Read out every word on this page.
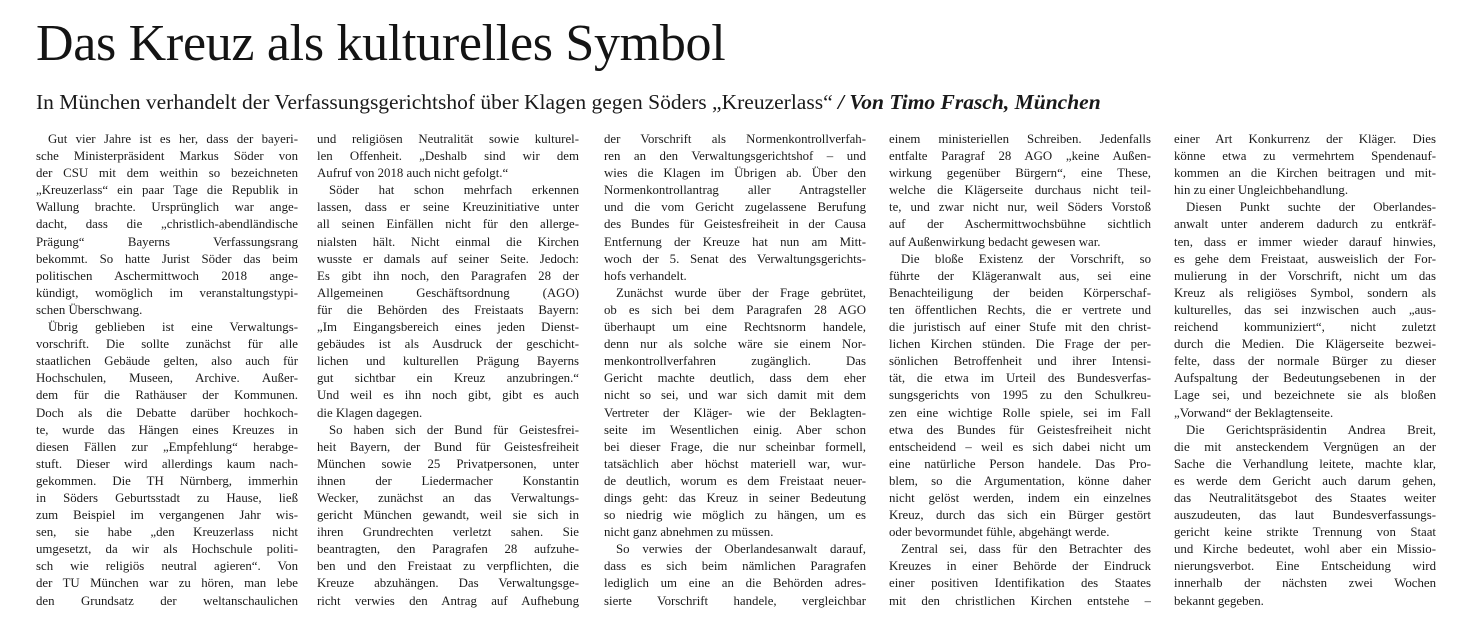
Das Kreuz als kulturelles Symbol

In München verhandelt der Verfassungsgerichtshof über Klagen gegen Söders „Kreuzerlass“ / Von Timo Frasch, München

Gut vier Jahre ist es her, dass der bayeri-
sche Ministerpräsident Markus Söder von
der CSU mit dem weithin so bezeichneten
„Kreuzerlass“ ein paar Tage die Republik in
Wallung brachte. Ursprünglich war ange-
dacht, dass die „christlich-abendländische
Prägung“ Bayerns Verfassungsrang
bekommt. So hatte Jurist Söder das beim
politischen Aschermittwoch 2018 ange-
kündigt, womöglich im veranstaltungstypi-
schen Überschwang.
Übrig geblieben ist eine Verwaltungs-
vorschrift. Die sollte zunächst für alle
staatlichen Gebäude gelten, also auch für
Hochschulen, Museen, Archive. Außer-
dem für die Rathäuser der Kommunen.
Doch als die Debatte darüber hochkoch-
te, wurde das Hängen eines Kreuzes in
diesen Fällen zur „Empfehlung“ herabge-
stuft. Dieser wird allerdings kaum nach-
gekommen. Die TH Nürnberg, immerhin
in Söders Geburtsstadt zu Hause, ließ
zum Beispiel im vergangenen Jahr wis-
sen, sie habe „den Kreuzerlass nicht
umgesetzt, da wir als Hochschule politi-
sch wie religiös neutral agieren“. Von
der TU München war zu hören, man lebe
den Grundsatz der weltanschaulichen
und religiösen Neutralität sowie kulturel-
len Offenheit. „Deshalb sind wir dem
Aufruf von 2018 auch nicht gefolgt.“
Söder hat schon mehrfach erkennen
lassen, dass er seine Kreuzinitiative unter
all seinen Einfällen nicht für den allerge-
nialsten hält. Nicht einmal die Kirchen
wusste er damals auf seiner Seite. Jedoch:
Es gibt ihn noch, den Paragrafen 28 der
Allgemeinen Geschäftsordnung (AGO)
für die Behörden des Freistaats Bayern:
„Im Eingangsbereich eines jeden Dienst-
gebäudes ist als Ausdruck der geschicht-
lichen und kulturellen Prägung Bayerns
gut sichtbar ein Kreuz anzubringen.“
Und weil es ihn noch gibt, gibt es auch
die Klagen dagegen.
So haben sich der Bund für Geistesfrei-
heit Bayern, der Bund für Geistesfreiheit
München sowie 25 Privatpersonen, unter
ihnen der Liedermacher Konstantin
Wecker, zunächst an das Verwaltungs-
gericht München gewandt, weil sie sich in
ihren Grundrechten verletzt sahen. Sie
beantragten, den Paragrafen 28 aufzuhe-
ben und den Freistaat zu verpflichten, die
Kreuze abzuhängen. Das Verwaltungsge-
richt verwies den Antrag auf Aufhebung
der Vorschrift als Normenkontrollverfah-
ren an den Verwaltungsgerichtshof – und
wies die Klagen im Übrigen ab. Über den
Normenkontrollantrag aller Antragsteller
und die vom Gericht zugelassene Berufung
des Bundes für Geistesfreiheit in der Causa
Entfernung der Kreuze hat nun am Mitt-
woch der 5. Senat des Verwaltungsgerichts-
hofs verhandelt.
Zunächst wurde über der Frage gebrütet,
ob es sich bei dem Paragrafen 28 AGO
überhaupt um eine Rechtsnorm handele,
denn nur als solche wäre sie einem Nor-
menkontrollverfahren zugänglich. Das
Gericht machte deutlich, dass dem eher
nicht so sei, und war sich damit mit dem
Vertreter der Kläger- wie der Beklagten-
seite im Wesentlichen einig. Aber schon
bei dieser Frage, die nur scheinbar formell,
tatsächlich aber höchst materiell war, wur-
de deutlich, worum es dem Freistaat neuer-
dings geht: das Kreuz in seiner Bedeutung
so niedrig wie möglich zu hängen, um es
nicht ganz abnehmen zu müssen.
So verwies der Oberlandesanwalt darauf,
dass es sich beim nämlichen Paragrafen
lediglich um eine an die Behörden adres-
sierte Vorschrift handele, vergleichbar
einem ministeriellen Schreiben. Jedenfalls
entfalte Paragraf 28 AGO „keine Außen-
wirkung gegenüber Bürgern“, eine These,
welche die Klägerseite durchaus nicht teil-
te, und zwar nicht nur, weil Söders Vorstoß
auf der Aschermittwochsbühne sichtlich
auf Außenwirkung bedacht gewesen war.
Die bloße Existenz der Vorschrift, so
führte der Klägeranwalt aus, sei eine
Benachteiligung der beiden Körperschaf-
ten öffentlichen Rechts, die er vertrete und
die juristisch auf einer Stufe mit den christ-
lichen Kirchen stünden. Die Frage der per-
sönlichen Betroffenheit und ihrer Intensi-
tät, die etwa im Urteil des Bundesverfas-
sungsgerichts von 1995 zu den Schulkreu-
zen eine wichtige Rolle spiele, sei im Fall
etwa des Bundes für Geistesfreiheit nicht
entscheidend – weil es sich dabei nicht um
eine natürliche Person handele. Das Pro-
blem, so die Argumentation, könne daher
nicht gelöst werden, indem ein einzelnes
Kreuz, durch das sich ein Bürger gestört
oder bevormundet fühle, abgehängt werde.
Zentral sei, dass für den Betrachter des
Kreuzes in einer Behörde der Eindruck
einer positiven Identifikation des Staates
mit den christlichen Kirchen entstehe –
einer Art Konkurrenz der Kläger. Dies
könne etwa zu vermehrtem Spendenauf-
kommen an die Kirchen beitragen und mit-
hin zu einer Ungleichbehandlung.
Diesen Punkt suchte der Oberlandes-
anwalt unter anderem dadurch zu entkräf-
ten, dass er immer wieder darauf hinwies,
es gehe dem Freistaat, ausweislich der For-
mulierung in der Vorschrift, nicht um das
Kreuz als religiöses Symbol, sondern als
kulturelles, das sei inzwischen auch „aus-
reichend kommuniziert“, nicht zuletzt
durch die Medien. Die Klägerseite bezwei-
felte, dass der normale Bürger zu dieser
Aufspaltung der Bedeutungsebenen in der
Lage sei, und bezeichnete sie als bloßen
„Vorwand“ der Beklagtenseite.
Die Gerichtspräsidentin Andrea Breit,
die mit ansteckendem Vergnügen an der
Sache die Verhandlung leitete, machte klar,
es werde dem Gericht auch darum gehen,
das Neutralitätsgebot des Staates weiter
auszudeuten, das laut Bundesverfassungs-
gericht keine strikte Trennung von Staat
und Kirche bedeutet, wohl aber ein Missio-
nierungsverbot. Eine Entscheidung wird
innerhalb der nächsten zwei Wochen
bekannt gegeben.
